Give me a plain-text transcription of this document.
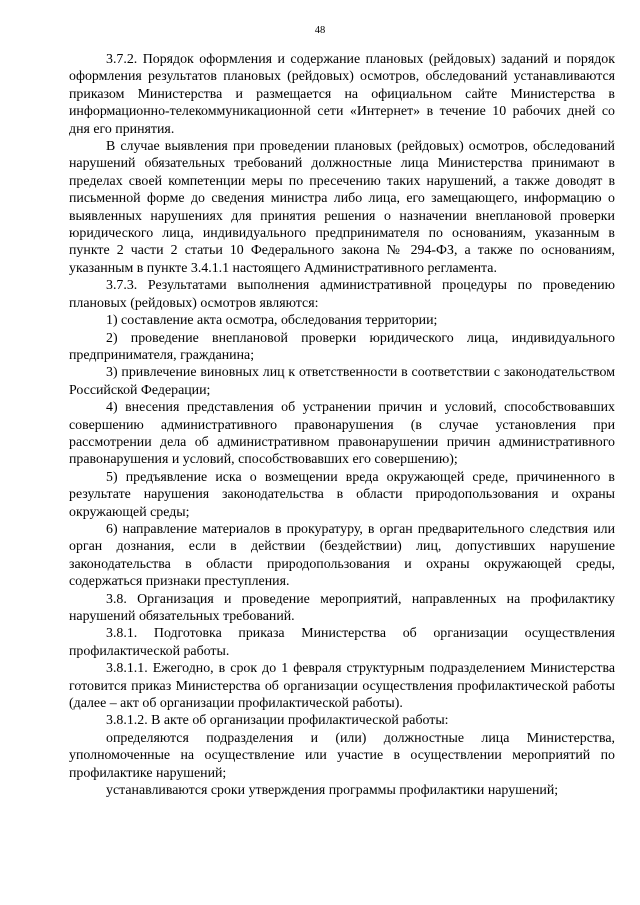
48

3.7.2. Порядок оформления и содержание плановых (рейдовых) заданий и порядок оформления результатов плановых (рейдовых) осмотров, обследований устанавливаются приказом Министерства и размещается на официальном сайте Министерства в информационно-телекоммуникационной сети «Интернет» в течение 10 рабочих дней со дня его принятия.

В случае выявления при проведении плановых (рейдовых) осмотров, обследований нарушений обязательных требований должностные лица Министерства принимают в пределах своей компетенции меры по пресечению таких нарушений, а также доводят в письменной форме до сведения министра либо лица, его замещающего, информацию о выявленных нарушениях для принятия решения о назначении внеплановой проверки юридического лица, индивидуального предпринимателя по основаниям, указанным в пункте 2 части 2 статьи 10 Федерального закона № 294-ФЗ, а также по основаниям, указанным в пункте 3.4.1.1 настоящего Административного регламента.

3.7.3. Результатами выполнения административной процедуры по проведению плановых (рейдовых) осмотров являются:

1) составление акта осмотра, обследования территории;

2) проведение внеплановой проверки юридического лица, индивидуального предпринимателя, гражданина;

3) привлечение виновных лиц к ответственности в соответствии с законодательством Российской Федерации;

4) внесения представления об устранении причин и условий, способствовавших совершению административного правонарушения (в случае установления при рассмотрении дела об административном правонарушении причин административного правонарушения и условий, способствовавших его совершению);

5) предъявление иска о возмещении вреда окружающей среде, причиненного в результате нарушения законодательства в области природопользования и охраны окружающей среды;

6) направление материалов в прокуратуру, в орган предварительного следствия или орган дознания, если в действии (бездействии) лиц, допустивших нарушение законодательства в области природопользования и охраны окружающей среды, содержаться признаки преступления.

3.8. Организация и проведение мероприятий, направленных на профилактику нарушений обязательных требований.

3.8.1. Подготовка приказа Министерства об организации осуществления профилактической работы.

3.8.1.1. Ежегодно, в срок до 1 февраля структурным подразделением Министерства готовится приказ Министерства об организации осуществления профилактической работы (далее – акт об организации профилактической работы).

3.8.1.2. В акте об организации профилактической работы:

определяются подразделения и (или) должностные лица Министерства, уполномоченные на осуществление или участие в осуществлении мероприятий по профилактике нарушений;

устанавливаются сроки утверждения программы профилактики нарушений;
